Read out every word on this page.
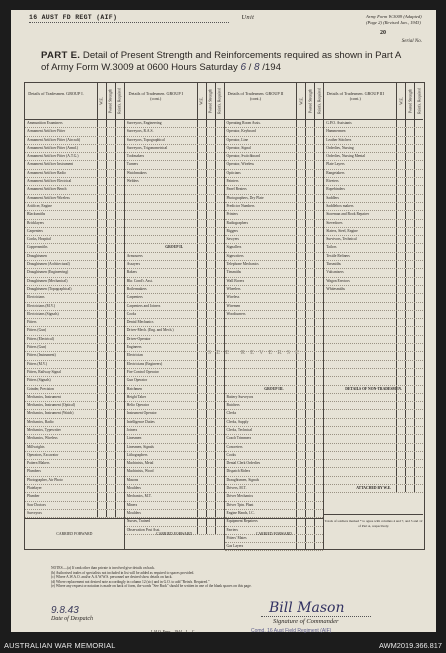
16 AUST FD REGT (AIF)	Unit	Army Form W.3009 (Adapted) (Page 2) (Revised Jan., 1943)
20
Serial No.
PART E. Detail of Present Strength and Reinforcements required as shown in Part A of Army Form W.3009 at 0600 Hours Saturday 6 / 8 /194
Details of Tradesmen. GROUP I.
W.E. Posted Strength Reinfs. Required
Ammunition Examiners
Armament Artificer Fitter
Armament Artificer Fitter (Aircraft)
Armament Artificer Fitter (Armd.)
Armament Artificer Fitter (A.T.G.)
Armament Artificer Instrument
Armament Artificer Radio
Armament Artificer Electrical
Armament Artificer Bench
Armament Artificer Wireless
Artificer, Engine
Blacksmiths
Bricklayers
Carpenters
Cooks, Hospital
Coppersmiths
Draughtsmen
Draughtsmen (Architectural)
Draughtsmen (Engineering)
Draughtsmen (Mechanical)
Draughtsmen (Topographical)
Electricians
Electricians (M.V.)
Electricians (Signals)
Fitters
Fitters (Gun)
Fitters (Electrical)
Fitters (Gun)
Fitters (Instrument)
Fitters (M.V.)
Fitters, Railway Signal
Fitters (Signals)
Grinder, Precision
Mechanics, Instrument
Mechanics, Instrument (Optical)
Mechanics, Instrument (Watch)
Mechanics, Radio
Mechanics, Typewriter
Mechanics, Wireless
Millwrights
Operators, Excavator
Pattern Makers
Plumbers
Photographer, Air Photo
Platelayer
Plumber
Saw Doctors
Surveyors
CARRIED FORWARD
Details of Tradesmen. GROUP I (cont.)	W.E. Posted Strength Reinfs. Required
Surveyors, Engineering
Surveyors, R.A.S.
Surveyors, Topographical
Surveyors, Trigonometrical
Toolmakers
Turners
Watchmakers
Welders
GROUP II.
Armourers
Assayers
Bakers
Bkr. Cond'r. Asst.
Boilermakers
Carpenters
Carpenters and Joiners
Cooks
Dental Mechanics
Driver-Mech. (Eng. and Mech.)
Driver-Operator
Engineers
Electrician
Electricians (Engineers)
Fire Control Operator
Gun Operator
Hatchmen
Height Taker
Helio Operator
Instrument Operator
Intelligence Duties
Joiners
Linesmen
Linesmen, Signals
Lithographers
Machinists, Metal
Machinists, Wood
Masons
Moulders
Mechanics, M.T.
Miners
Moulders
Nurses, Trained
Observation Post Asst.
CARRIED FORWARD
Details of Tradesmen. GROUP II (cont.)	W.E. Posted Strength Reinfs. Required
Operating Room Assts.
Operator, Keyboard
Operator, Line
Operator, Signal
Operator, Switchboard
Operator, Wireless
Opticians
Painters
Panel Beaters
Photographers, Dry Plate
Predictor Numbers
Printers
Radiographers
Riggers
Sawyers
Signallers
Signwriters
Telephone Mechanics
Tinsmiths
Wall Borers
Wheelers
Wireless
Wiremen
Woodturners
GROUP III.
Battery Surveyors
Butchers
Clerks
Clerks, Supply
Clerks, Technical
Coach Trimmers
Concreters
Cooks
Dental Clerk Orderlies
Dispatch Riders
Draughtsmen, Signals
Drivers, M.T.
Driver Mechanics
Driver Tptn. Plant
Engine Hands, I.C.
Equipment Repairers
Farriers
Fitters' Mates
Gas Layers
CARRIED FORWARD
Details of Tradesmen. GROUP III (cont.)	W.E. Posted Strength Reinfs. Required
G.P.O. Assistants
Hammermen
Leather Stitchers
Orderlies, Nursing
Orderlies, Nursing Mental
Plate Layers
Rangetakers
Riveters
Ropebinders
Saddlers
Saddlebox makers
Storeman and Book Repairer
Stevedores
Slaters, Steel, Engine
Survivors, Technical
Tailors
Textile Refiners
Tinsmiths
Vulcanizers
Wagon Erectors
Whitesmiths
DETAILS OF NON-TRADESMEN.
ATTACHED BY W.E.
Totals of soldiers marked * to agree with columns 4 and 7, and 3 and 12 of Part A, respectively.
SEE REVERSE
NOTES.—(a) If rank other than private is involved give details on back.
(b) Authorised trades of specialists not included in list will be added as required to spaces provided.
(c) Where A.W.A.O. and/or A.A.W.W.S. personnel are desired show details on back.
(d) Where replacement not desired note accordingly in column 12 (sic) and in G.O. to add "Reinfs. Required."
(e) Where any request or notation is made on back of form, the words "See Back" should be written in one of the blank spaces on this page.
9.8.43
Date of Despatch
Bill Mason
Signature of Commander
Comd. 16 Aust Field Regiment (AIF)
L.H.Q. Press—1944—L—C—
AUSTRALIAN WAR MEMORIAL	AWM2019.366.817
